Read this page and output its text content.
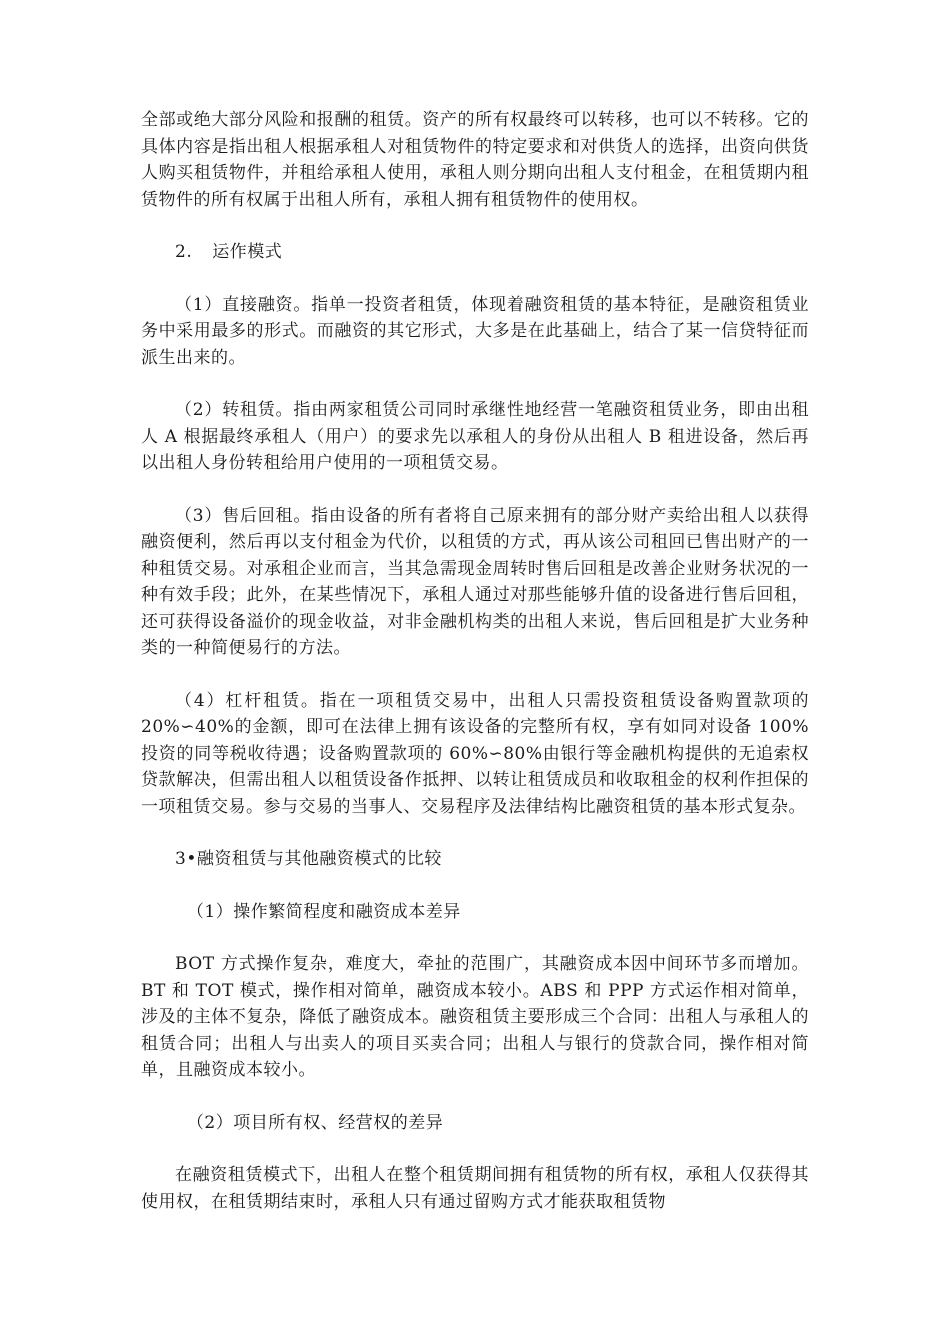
全部或绝大部分风险和报酬的租赁。资产的所有权最终可以转移，也可以不转移。它的具体内容是指出租人根据承租人对租赁物件的特定要求和对供货人的选择，出资向供货人购买租赁物件，并租给承租人使用，承租人则分期向出租人支付租金，在租赁期内租赁物件的所有权属于出租人所有，承租人拥有租赁物件的使用权。

2. 运作模式

（1）直接融资。指单一投资者租赁，体现着融资租赁的基本特征，是融资租赁业务中采用最多的形式。而融资的其它形式，大多是在此基础上，结合了某一信贷特征而派生出来的。

（2）转租赁。指由两家租赁公司同时承继性地经营一笔融资租赁业务，即由出租人 A 根据最终承租人（用户）的要求先以承租人的身份从出租人 B 租进设备，然后再以出租人身份转租给用户使用的一项租赁交易。

（3）售后回租。指由设备的所有者将自己原来拥有的部分财产卖给出租人以获得融资便利，然后再以支付租金为代价，以租赁的方式，再从该公司租回已售出财产的一种租赁交易。对承租企业而言，当其急需现金周转时售后回租是改善企业财务状况的一种有效手段；此外，在某些情况下，承租人通过对那些能够升值的设备进行售后回租，还可获得设备溢价的现金收益，对非金融机构类的出租人来说，售后回租是扩大业务种类的一种简便易行的方法。

（4）杠杆租赁。指在一项租赁交易中，出租人只需投资租赁设备购置款项的 20%∽40%的金额，即可在法律上拥有该设备的完整所有权，享有如同对设备 100%投资的同等税收待遇；设备购置款项的 60%∽80%由银行等金融机构提供的无追索权贷款解决，但需出租人以租赁设备作抵押、以转让租赁成员和收取租金的权利作担保的一项租赁交易。参与交易的当事人、交易程序及法律结构比融资租赁的基本形式复杂。

3•融资租赁与其他融资模式的比较

（1）操作繁简程度和融资成本差异

BOT 方式操作复杂，难度大，牵扯的范围广，其融资成本因中间环节多而增加。BT 和 TOT 模式，操作相对简单，融资成本较小。ABS 和 PPP 方式运作相对简单，涉及的主体不复杂，降低了融资成本。融资租赁主要形成三个合同：出租人与承租人的租赁合同；出租人与出卖人的项目买卖合同；出租人与银行的贷款合同，操作相对简单，且融资成本较小。

（2）项目所有权、经营权的差异

在融资租赁模式下，出租人在整个租赁期间拥有租赁物的所有权，承租人仅获得其使用权，在租赁期结束时，承租人只有通过留购方式才能获取租赁物
